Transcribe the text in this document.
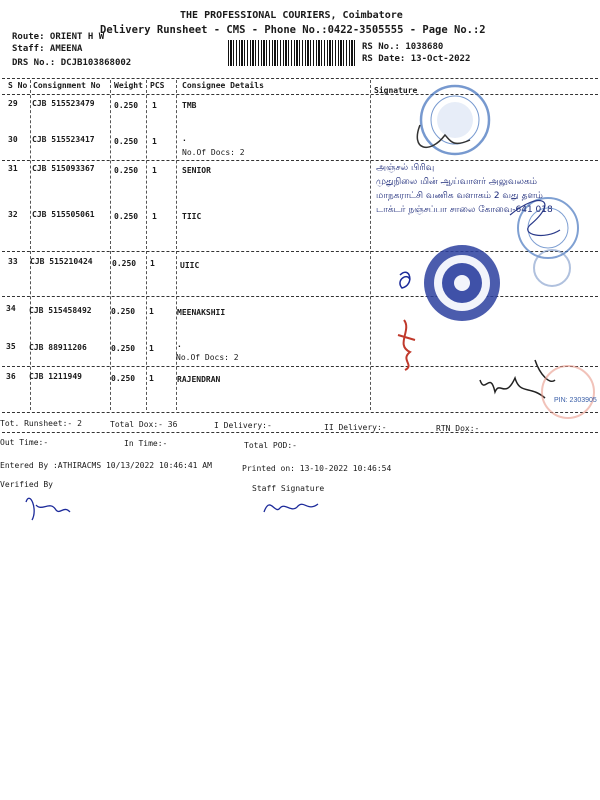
THE PROFESSIONAL COURIERS, Coimbatore
Delivery Runsheet - CMS - Phone No.:0422-3505555 - Page No.:2
Route: ORIENT H W
Staff: AMEENA
DRS No.: DCJB103868002
RS No.: 1038680
RS Date: 13-Oct-2022
S No Consignment No Weight PCS Consignee Details
Signature
29 CJB 515523479 0.250 1	TMB
30 CJB 515523417 0.250 1	.
No.Of Docs: 2
31 CJB 515093367 0.250 1	SENIOR
32 CJB 515505061 0.250 1	TIIC
33 CJB 515210424 0.250 1	UIIC
34 CJB 515458492 0.250 1	MEENAKSHII
35 CJB 88911206	0.250 1	.
No.Of Docs: 2
36 CJB 1211949	0.250 1	RAJENDRAN
அஞ்சல் பிரிவு
முதுநிலை மின் ஆய்வாளர் அலுவலகம்
மாநகராட்சி வணிக வளாகம் 2 வது தளம்
டாக்டர் நஞ்சப்பா சாலை கோவை-641 018
PIN: 2303905
Tot. Runsheet:- 2	Total Dox:- 36	I Delivery:-	II Delivery:-	RTN Dox:-
Out Time:-	In Time:-	Total POD:-
Entered By :ATHIRACMS 10/13/2022 10:46:41 AM	Printed on: 13-10-2022 10:46:54
Verified By	Staff Signature
